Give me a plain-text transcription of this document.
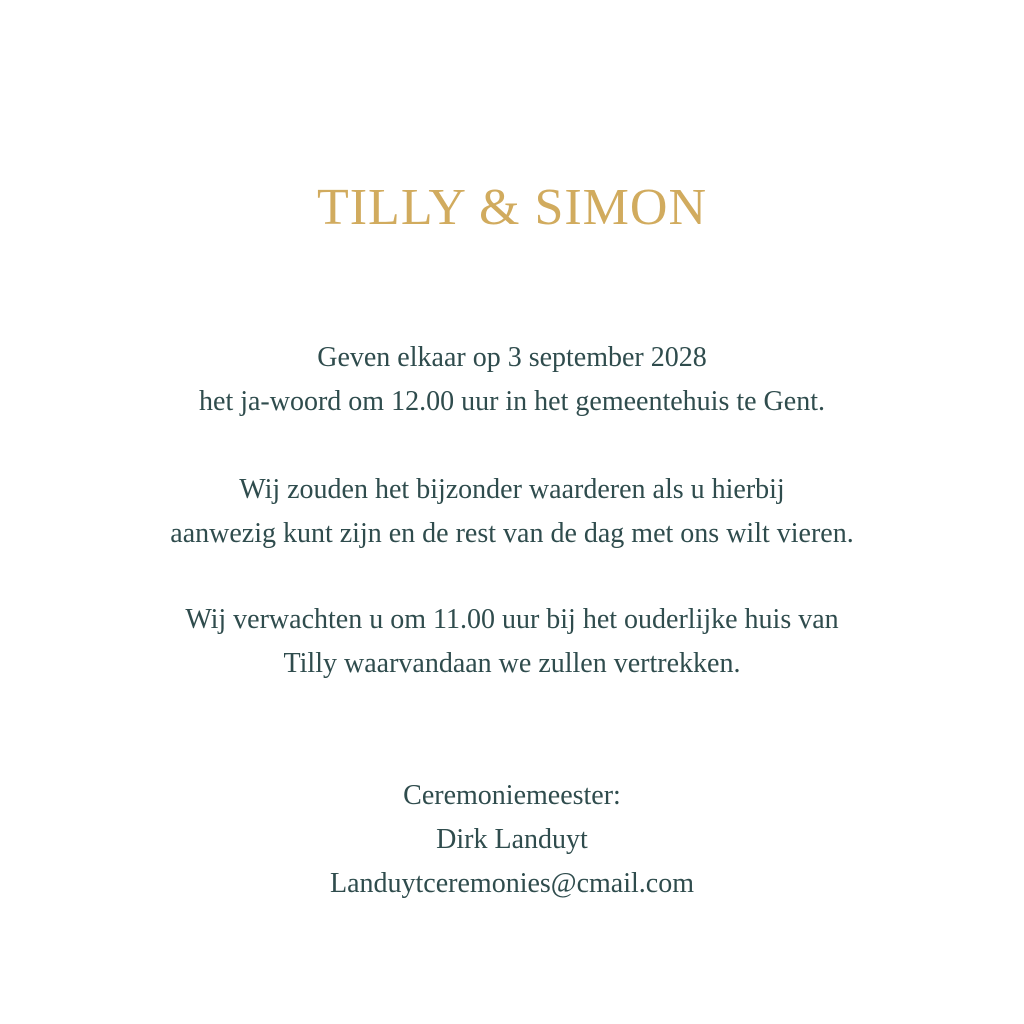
TILLY & SIMON
Geven elkaar op 3 september 2028
het ja-woord om 12.00 uur in het gemeentehuis te Gent.
Wij zouden het bijzonder waarderen als u hierbij
aanwezig kunt zijn en de rest van de dag met ons wilt vieren.
Wij verwachten u om 11.00 uur bij het ouderlijke huis van
Tilly waarvandaan we zullen vertrekken.
Ceremoniemeester:
Dirk Landuyt
Landuytceremonies@cmail.com
